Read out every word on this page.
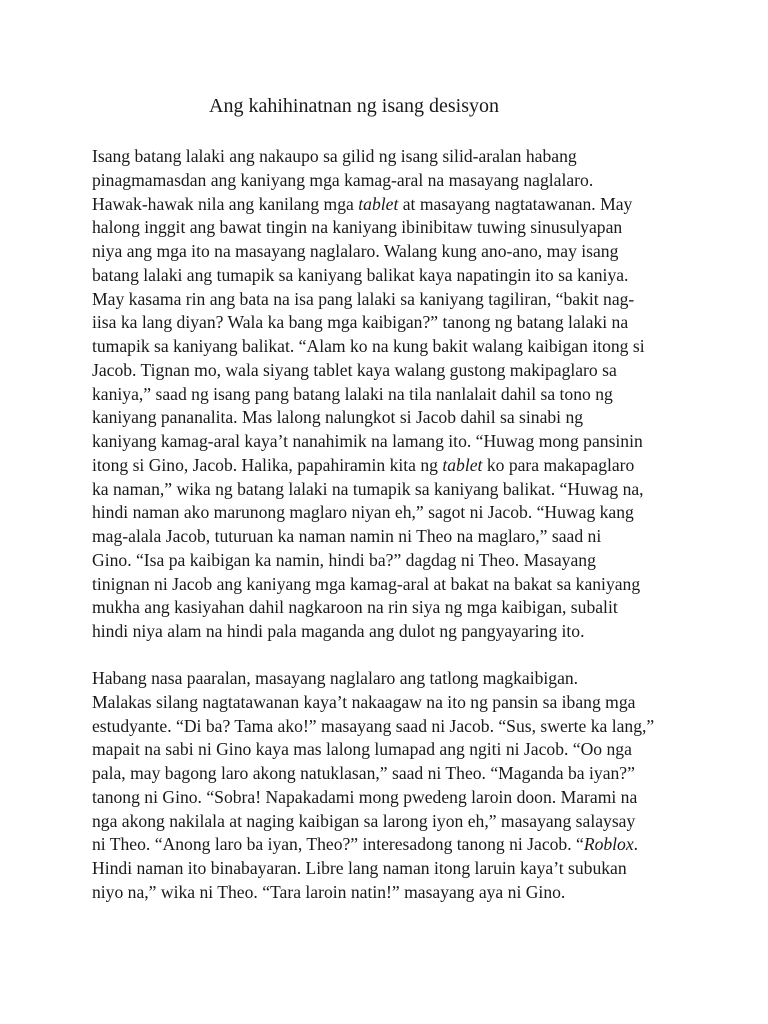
Ang kahihinatnan ng isang desisyon

Isang batang lalaki ang nakaupo sa gilid ng isang silid-aralan habang
pinagmamasdan ang kaniyang mga kamag-aral na masayang naglalaro.
Hawak-hawak nila ang kanilang mga tablet at masayang nagtatawanan. May
halong inggit ang bawat tingin na kaniyang ibinibitaw tuwing sinusulyapan
niya ang mga ito na masayang naglalaro. Walang kung ano-ano, may isang
batang lalaki ang tumapik sa kaniyang balikat kaya napatingin ito sa kaniya.
May kasama rin ang bata na isa pang lalaki sa kaniyang tagiliran, “bakit nag-
iisa ka lang diyan? Wala ka bang mga kaibigan?” tanong ng batang lalaki na
tumapik sa kaniyang balikat. “Alam ko na kung bakit walang kaibigan itong si
Jacob. Tignan mo, wala siyang tablet kaya walang gustong makipaglaro sa
kaniya,” saad ng isang pang batang lalaki na tila nanlalait dahil sa tono ng
kaniyang pananalita. Mas lalong nalungkot si Jacob dahil sa sinabi ng
kaniyang kamag-aral kaya’t nanahimik na lamang ito. “Huwag mong pansinin
itong si Gino, Jacob. Halika, papahiramin kita ng tablet ko para makapaglaro
ka naman,” wika ng batang lalaki na tumapik sa kaniyang balikat. “Huwag na,
hindi naman ako marunong maglaro niyan eh,” sagot ni Jacob. “Huwag kang
mag-alala Jacob, tuturuan ka naman namin ni Theo na maglaro,” saad ni
Gino. “Isa pa kaibigan ka namin, hindi ba?” dagdag ni Theo. Masayang
tinignan ni Jacob ang kaniyang mga kamag-aral at bakat na bakat sa kaniyang
mukha ang kasiyahan dahil nagkaroon na rin siya ng mga kaibigan, subalit
hindi niya alam na hindi pala maganda ang dulot ng pangyayaring ito.

Habang nasa paaralan, masayang naglalaro ang tatlong magkaibigan.
Malakas silang nagtatawanan kaya’t nakaagaw na ito ng pansin sa ibang mga
estudyante. “Di ba? Tama ako!” masayang saad ni Jacob. “Sus, swerte ka lang,”
mapait na sabi ni Gino kaya mas lalong lumapad ang ngiti ni Jacob. “Oo nga
pala, may bagong laro akong natuklasan,” saad ni Theo. “Maganda ba iyan?”
tanong ni Gino. “Sobra! Napakadami mong pwedeng laroin doon. Marami na
nga akong nakilala at naging kaibigan sa larong iyon eh,” masayang salaysay
ni Theo. “Anong laro ba iyan, Theo?” interesadong tanong ni Jacob. “Roblox.
Hindi naman ito binabayaran. Libre lang naman itong laruin kaya’t subukan
niyo na,” wika ni Theo. “Tara laroin natin!” masayang aya ni Gino.
